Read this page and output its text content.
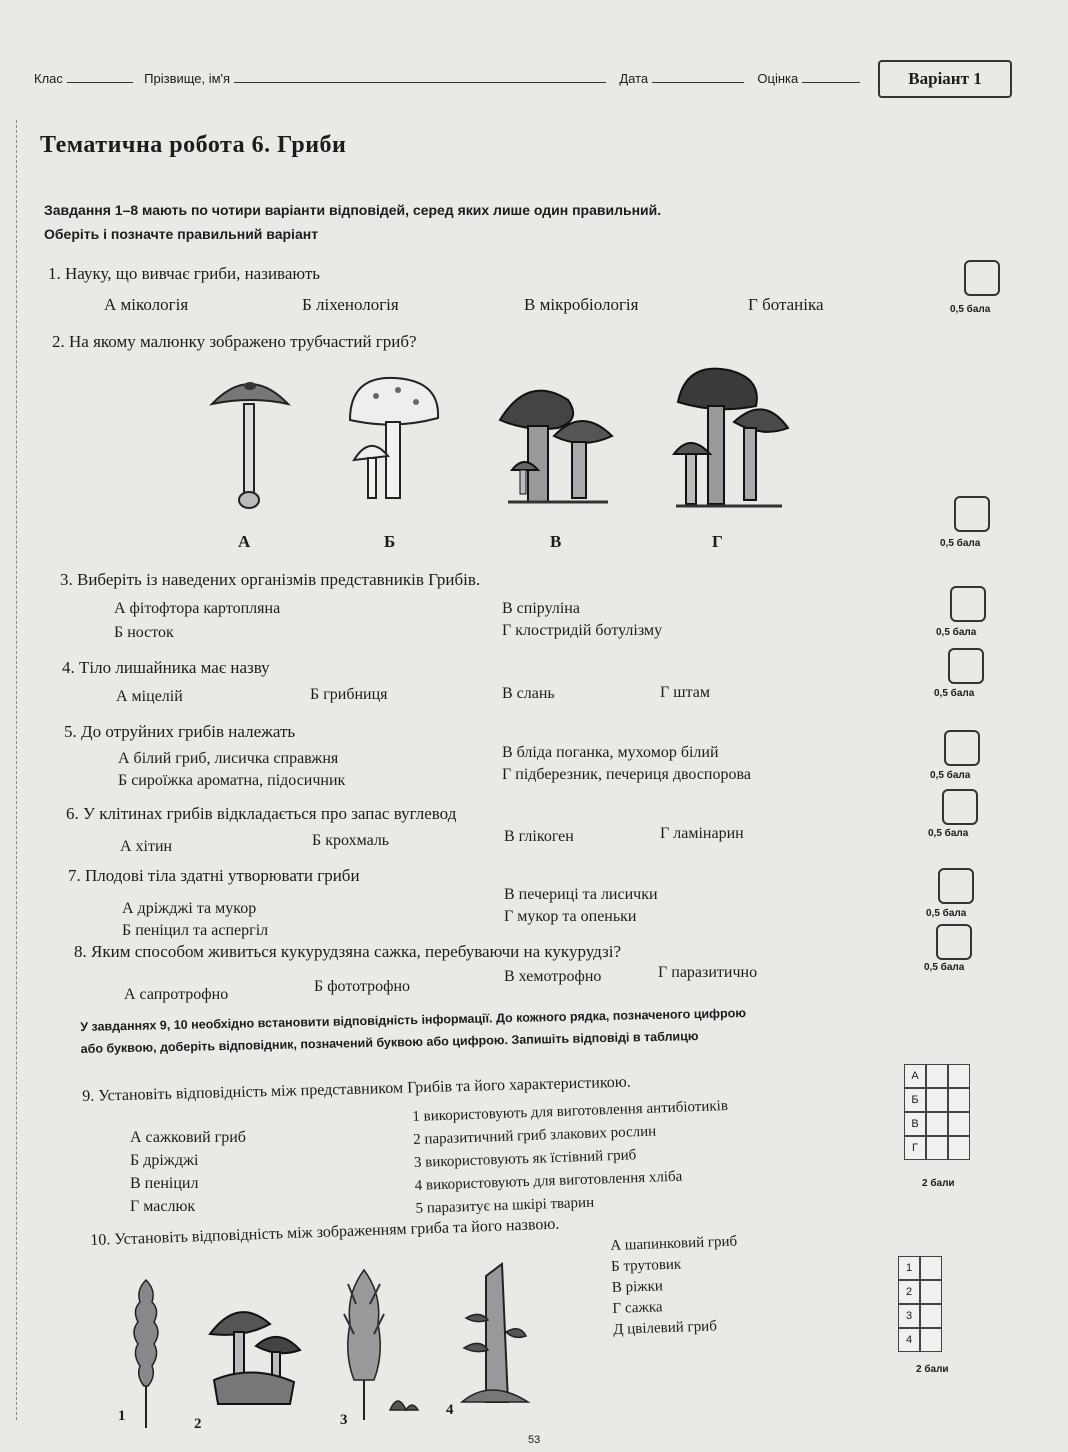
Клас	Прізвище, ім'я	Дата	Оцінка	Варіант 1
Тематична робота 6. Гриби
Завдання 1–8 мають по чотири варіанти відповідей, серед яких лише один правильний.
Оберіть і позначте правильний варіант
1. Науку, що вивчає гриби, називають
А мікологія	Б ліхенологія	В мікробіологія	Г ботаніка	0,5 бала
2. На якому малюнку зображено трубчастий гриб?
А	Б	В	Г	0,5 бала
3. Виберіть із наведених організмів представників Грибів.
А фітофтора картопляна
Б носток
В спіруліна
Г клостридій ботулізму	0,5 бала
4. Тіло лишайника має назву
А міцелій	Б грибниця	В слань	Г штам	0,5 бала
5. До отруйних грибів належать
А білий гриб, лисичка справжня
Б сироїжка ароматна, підосичник
В бліда поганка, мухомор білий
Г підберезник, печериця двоспорова	0,5 бала
6. У клітинах грибів відкладається про запас вуглевод
А хітин	Б крохмаль	В глікоген	Г ламінарин	0,5 бала
7. Плодові тіла здатні утворювати гриби
А дріжджі та мукор
Б пеніцил та аспергіл
В печериці та лисички
Г мукор та опеньки	0,5 бала
8. Яким способом живиться кукурудзяна сажка, перебуваючи на кукурудзі?
А сапротрофно	Б фототрофно
В хемотрофно	Г паразитично	0,5 бала
У завданнях 9, 10 необхідно встановити відповідність інформації. До кожного рядка, позначеного цифрою
або буквою, доберіть відповідник, позначений буквою або цифрою. Запишіть відповіді в таблицю
9. Установіть відповідність між представником Грибів та його характеристикою.
А сажковий гриб
Б дріжджі
В пеніцил
Г маслюк
1 використовують для виготовлення антибіотиків
2 паразитичний гриб злакових рослин
3 використовують як їстівний гриб
4 використовують для виготовлення хліба
5 паразитує на шкірі тварин
А
Б
В
Г
2 бали
10. Установіть відповідність між зображенням гриба та його назвою.	А шапинковий гриб
Б трутовик
В ріжки
Г сажка
Д цвілевий гриб
1	2	3
4
1
2
3
4
2 бали
53
